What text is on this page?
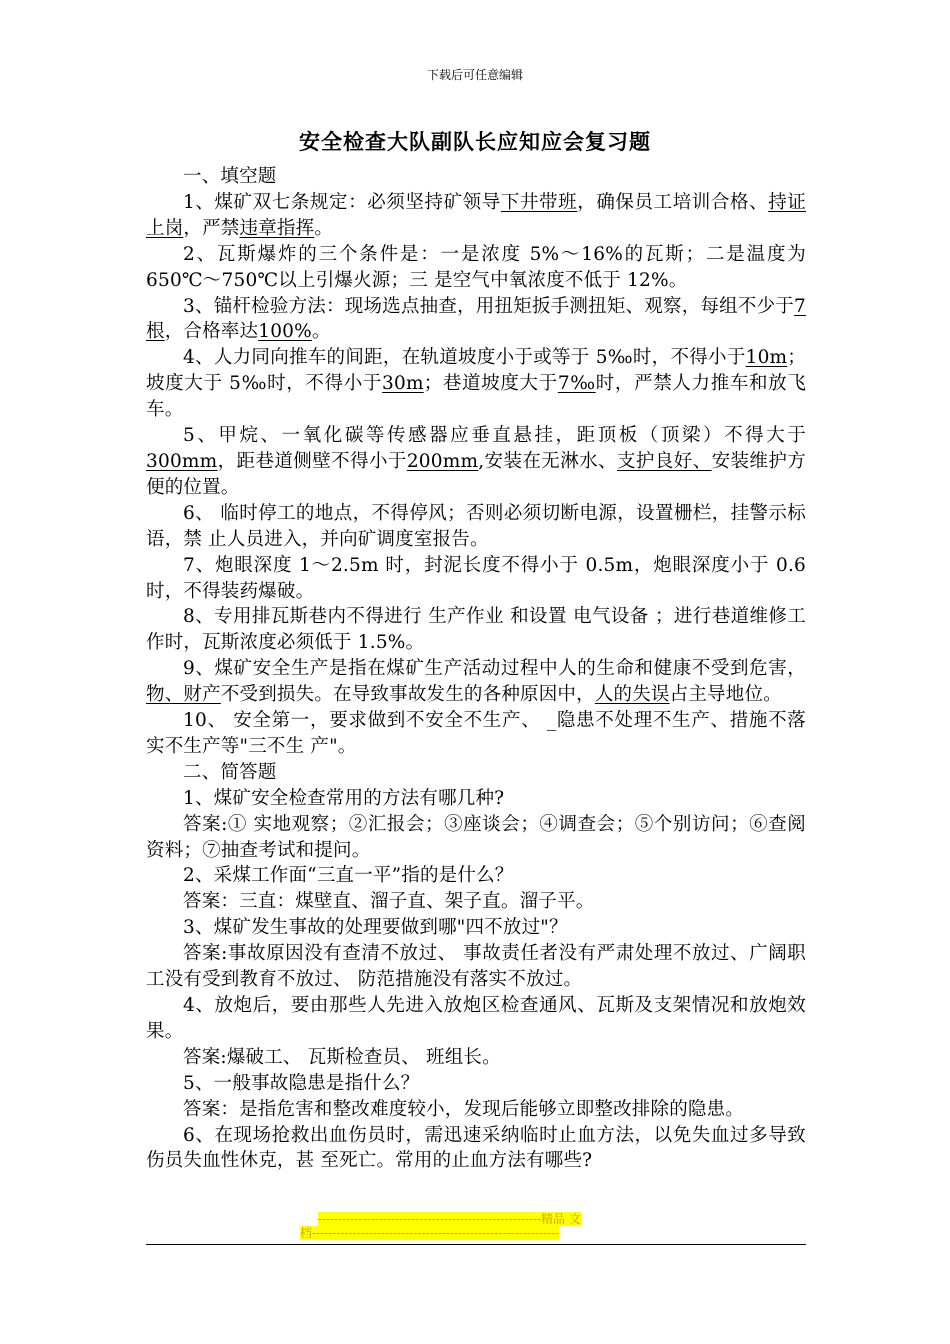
下载后可任意编辑
安全检查大队副队长应知应会复习题

一、填空题

1、煤矿双七条规定：必须坚持矿领导下井带班，确保员工培训合格、持证上岗，严禁违章指挥。

2、瓦斯爆炸的三个条件是：一是浓度 5%～16%的瓦斯；二是温度为 650℃～750℃以上引爆火源；三 是空气中氧浓度不低于 12%。

3、锚杆检验方法：现场选点抽查，用扭矩扳手测扭矩、观察，每组不少于7 根，合格率达100%。

4、人力同向推车的间距，在轨道坡度小于或等于 5‰时，不得小于10m；坡度大于 5‰时，不得小于30m；巷道坡度大于7‰时，严禁人力推车和放飞车。

5、甲烷、一氧化碳等传感器应垂直悬挂，距顶板（顶梁）不得大于300mm，距巷道侧壁不得小于200mm,安装在无淋水、支护良好、安装维护方便的位置。

6、 临时停工的地点，不得停风；否则必须切断电源，设置栅栏，挂警示标语，禁 止人员进入，并向矿调度室报告。

7、炮眼深度 1～2.5m 时，封泥长度不得小于 0.5m，炮眼深度小于 0.6 时，不得装药爆破。

8、专用排瓦斯巷内不得进行 生产作业 和设置 电气设备 ；进行巷道维修工作时，瓦斯浓度必须低于 1.5%。

9、煤矿安全生产是指在煤矿生产活动过程中人的生命和健康不受到危害，物、财产不受到损失。在导致事故发生的各种原因中，人的失误占主导地位。

10、 安全第一，要求做到不安全不生产、 _隐患不处理不生产、措施不落实不生产等"三不生 产"。

二、简答题

1、煤矿安全检查常用的方法有哪几种?

答案:① 实地观察；②汇报会；③座谈会；④调查会；⑤个别访问；⑥查阅资料；⑦抽查考试和提问。

2、采煤工作面“三直一平”指的是什么？

答案：三直：煤壁直、溜子直、架子直。溜子平。

3、煤矿发生事故的处理要做到哪"四不放过"？

答案:事故原因没有查清不放过、 事故责任者没有严肃处理不放过、广阔职工没有受到教育不放过、 防范措施没有落实不放过。

4、放炮后，要由那些人先进入放炮区检查通风、瓦斯及支架情况和放炮效果。

答案:爆破工、 瓦斯检查员、 班组长。

5、一般事故隐患是指什么？

答案：是指危害和整改难度较小，发现后能够立即整改排除的隐患。

6、在现场抢救出血伤员时，需迅速采纳临时止血方法，以免失血过多导致伤员失血性休克，甚 至死亡。常用的止血方法有哪些?

-------------------------------------------------------精品 文
档-------------------------------------------------------------
